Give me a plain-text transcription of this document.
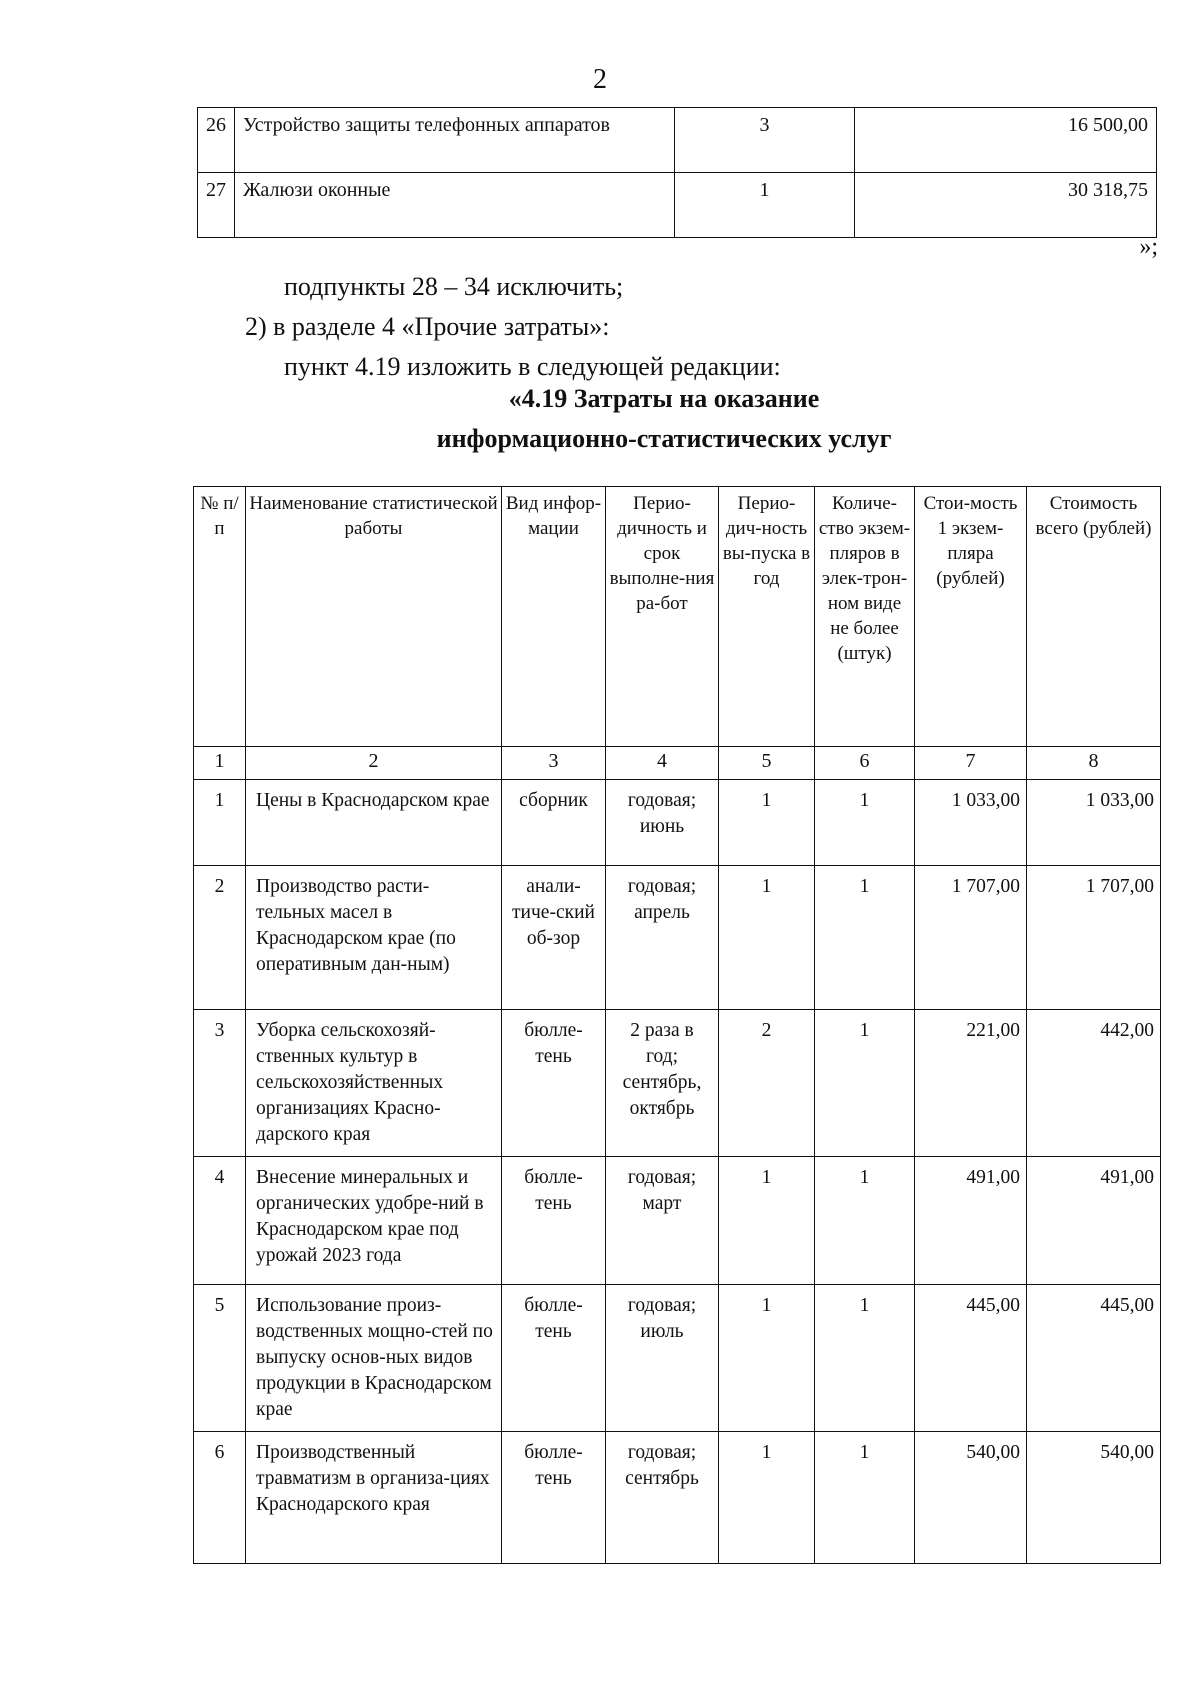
2
26	Устройство защиты телефонных аппаратов	3	16 500,00
27	Жалюзи оконные	1	30 318,75
»;
подпункты 28 – 34 исключить;
2) в разделе 4 «Прочие затраты»:
пункт 4.19 изложить в следующей редакции:
«4.19 Затраты на оказание
информационно-статистических услуг
№ п/п	Наименование статистической работы	Вид инфор-мации	Перио-дичность и срок выполне-ния ра-бот	Перио-дич-ность вы-пуска в год	Количе-ство экзем-пляров в элек-трон-ном виде не более (штук)	Стои-мость 1 экзем-пляра (рублей)	Стоимость всего (рублей)
1	2	3	4	5	6	7	8
1	Цены в Краснодарском крае	сборник	годовая; июнь	1	1	1 033,00	1 033,00
2	Производство расти-тельных масел в Краснодарском крае (по оперативным дан-ным)	анали-тиче-ский об-зор	годовая; апрель	1	1	1 707,00	1 707,00
3	Уборка сельскохозяй-ственных культур в сельскохозяйственных организациях Красно-дарского края	бюлле-тень	2 раза в год; сентябрь, октябрь	2	1	221,00	442,00
4	Внесение минеральных и органических удобре-ний в Краснодарском крае под урожай 2023 года	бюлле-тень	годовая; март	1	1	491,00	491,00
5	Использование произ-водственных мощно-стей по выпуску основ-ных видов продукции в Краснодарском крае	бюлле-тень	годовая; июль	1	1	445,00	445,00
6	Производственный травматизм в организа-циях Краснодарского края	бюлле-тень	годовая; сентябрь	1	1	540,00	540,00
